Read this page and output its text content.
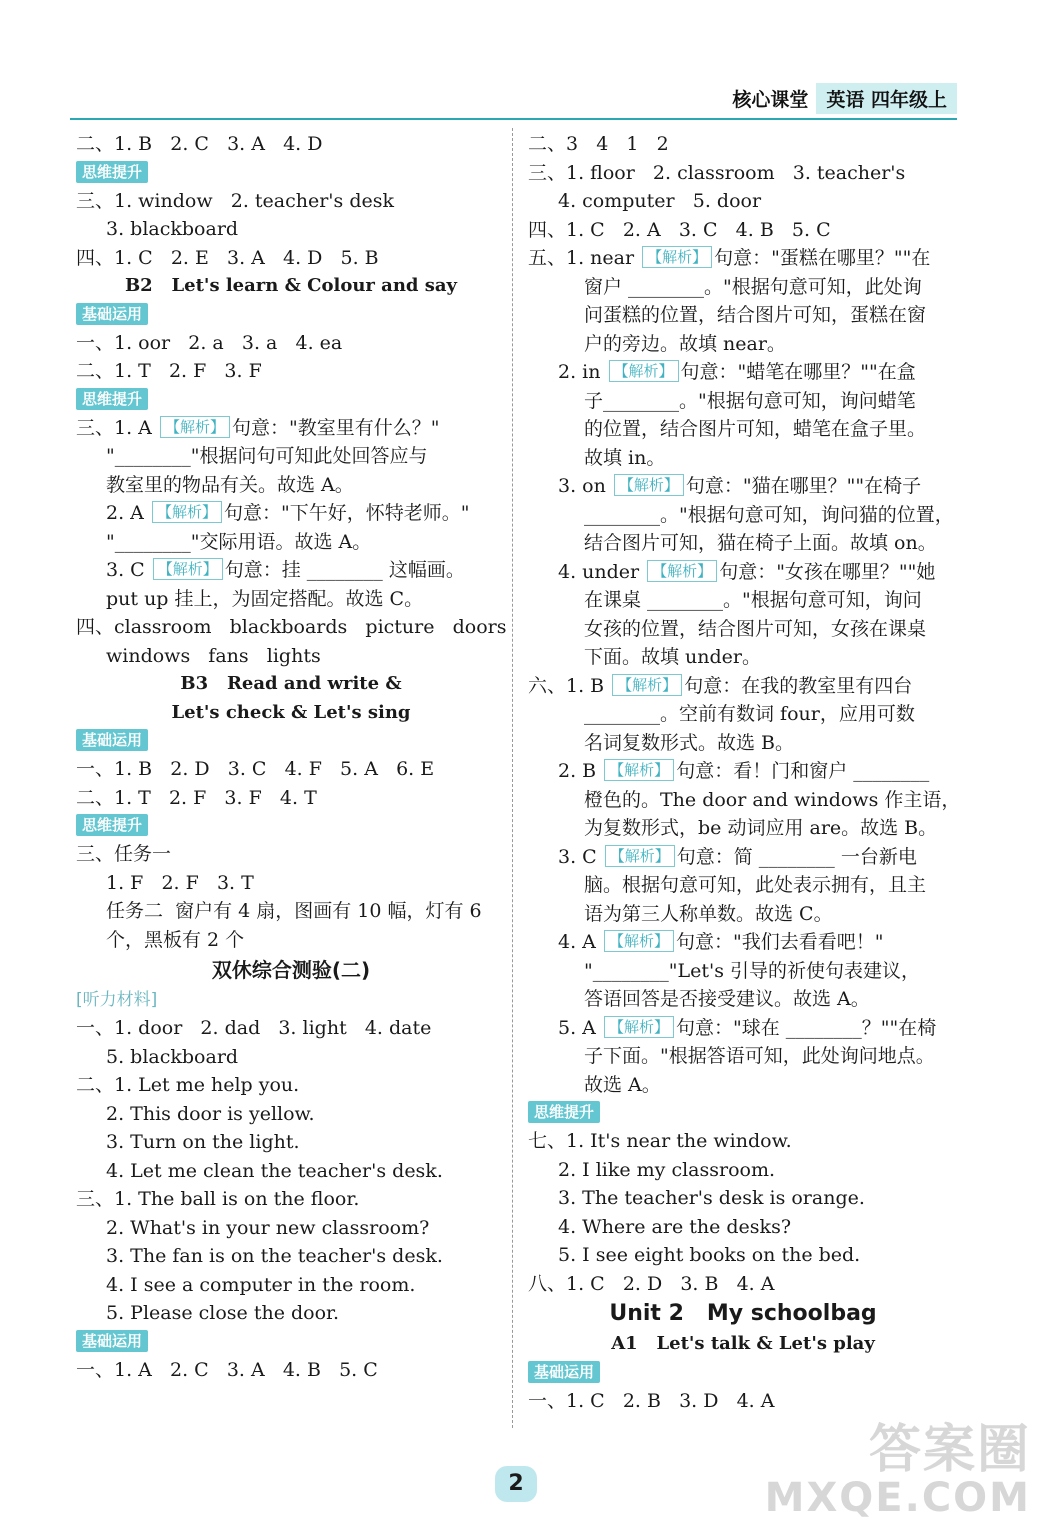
核心课堂 英语 四年级上

二、1. B   2. C   3. A   4. D

思维提升

三、1. window   2. teacher's desk

3. blackboard

四、1. C   2. E   3. A   4. D   5. B

B2   Let's learn & Colour and say
基础运用

一、1. oor   2. a   3. a   4. ea

二、1. T   2. F   3. F

思维提升

三、1. A 【解析】 句意："教室里有什么？"

"________"根据问句可知此处回答应与

教室里的物品有关。故选 A。

2. A 【解析】 句意："下午好，怀特老师。"

"________"交际用语。故选 A。

3. C 【解析】 句意：挂 ________ 这幅画。

put up 挂上，为固定搭配。故选 C。

四、classroom   blackboards   picture   doors

windows   fans   lights

B3   Read and write &
Let's check & Let's sing
基础运用

一、1. B   2. D   3. C   4. F   5. A   6. E

二、1. T   2. F   3. F   4. T

思维提升

三、任务一

1. F   2. F   3. T

任务二  窗户有 4 扇，图画有 10 幅，灯有 6

个，黑板有 2 个

双休综合测验(二)
[听力材料]

一、1. door   2. dad   3. light   4. date

5. blackboard

二、1. Let me help you.

2. This door is yellow.

3. Turn on the light.

4. Let me clean the teacher's desk.

三、1. The ball is on the floor.

2. What's in your new classroom?

3. The fan is on the teacher's desk.

4. I see a computer in the room.

5. Please close the door.

基础运用

一、1. A   2. C   3. A   4. B   5. C

二、3   4   1   2

三、1. floor   2. classroom   3. teacher's

4. computer   5. door

四、1. C   2. A   3. C   4. B   5. C

五、1. near 【解析】 句意："蛋糕在哪里？""在

窗户 ________。"根据句意可知，此处询

问蛋糕的位置，结合图片可知，蛋糕在窗

户的旁边。故填 near。

2. in 【解析】 句意："蜡笔在哪里？""在盒

子________。"根据句意可知，询问蜡笔

的位置，结合图片可知，蜡笔在盒子里。

故填 in。

3. on 【解析】 句意："猫在哪里？""在椅子

________。"根据句意可知，询问猫的位置，

结合图片可知，猫在椅子上面。故填 on。

4. under 【解析】 句意："女孩在哪里？""她

在课桌 ________。"根据句意可知，询问

女孩的位置，结合图片可知，女孩在课桌

下面。故填 under。

六、1. B 【解析】 句意：在我的教室里有四台

________。空前有数词 four，应用可数

名词复数形式。故选 B。

2. B 【解析】 句意：看！门和窗户 ________

橙色的。The door and windows 作主语，

为复数形式，be 动词应用 are。故选 B。

3. C 【解析】 句意：简 ________ 一台新电

脑。根据句意可知，此处表示拥有，且主

语为第三人称单数。故选 C。

4. A 【解析】 句意："我们去看看吧！"

"________"Let's 引导的祈使句表建议，

答语回答是否接受建议。故选 A。

5. A 【解析】 句意："球在 ________？""在椅

子下面。"根据答语可知，此处询问地点。

故选 A。

思维提升

七、1. It's near the window.

2. I like my classroom.

3. The teacher's desk is orange.

4. Where are the desks?

5. I see eight books on the bed.

八、1. C   2. D   3. B   4. A

Unit 2   My schoolbag
A1   Let's talk & Let's play
基础运用

一、1. C   2. B   3. D   4. A

2
答案圈
MXQE.COM
